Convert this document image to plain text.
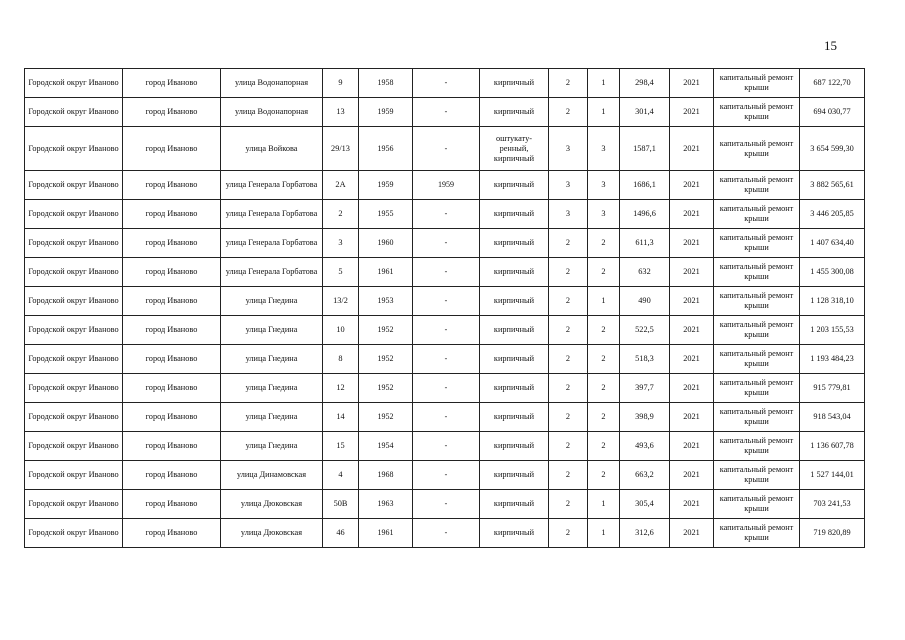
15
Городской округ Иваново	город Иваново	улица Водонапорная	9	1958	-	кирпичный	2	1	298,4	2021	капитальный ремонт крыши	687 122,70
Городской округ Иваново	город Иваново	улица Водонапорная	13	1959	-	кирпичный	2	1	301,4	2021	капитальный ремонт крыши	694 030,77
Городской округ Иваново	город Иваново	улица Войкова	29/13	1956	-	оштукату-ренный, кирпичный	3	3	1587,1	2021	капитальный ремонт крыши	3 654 599,30
Городской округ Иваново	город Иваново	улица Генерала Горбатова	2А	1959	1959	кирпичный	3	3	1686,1	2021	капитальный ремонт крыши	3 882 565,61
Городской округ Иваново	город Иваново	улица Генерала Горбатова	2	1955	-	кирпичный	3	3	1496,6	2021	капитальный ремонт крыши	3 446 205,85
Городской округ Иваново	город Иваново	улица Генерала Горбатова	3	1960	-	кирпичный	2	2	611,3	2021	капитальный ремонт крыши	1 407 634,40
Городской округ Иваново	город Иваново	улица Генерала Горбатова	5	1961	-	кирпичный	2	2	632	2021	капитальный ремонт крыши	1 455 300,08
Городской округ Иваново	город Иваново	улица Гнедина	13/2	1953	-	кирпичный	2	1	490	2021	капитальный ремонт крыши	1 128 318,10
Городской округ Иваново	город Иваново	улица Гнедина	10	1952	-	кирпичный	2	2	522,5	2021	капитальный ремонт крыши	1 203 155,53
Городской округ Иваново	город Иваново	улица Гнедина	8	1952	-	кирпичный	2	2	518,3	2021	капитальный ремонт крыши	1 193 484,23
Городской округ Иваново	город Иваново	улица Гнедина	12	1952	-	кирпичный	2	2	397,7	2021	капитальный ремонт крыши	915 779,81
Городской округ Иваново	город Иваново	улица Гнедина	14	1952	-	кирпичный	2	2	398,9	2021	капитальный ремонт крыши	918 543,04
Городской округ Иваново	город Иваново	улица Гнедина	15	1954	-	кирпичный	2	2	493,6	2021	капитальный ремонт крыши	1 136 607,78
Городской округ Иваново	город Иваново	улица Динамовская	4	1968	-	кирпичный	2	2	663,2	2021	капитальный ремонт крыши	1 527 144,01
Городской округ Иваново	город Иваново	улица Дюковская	50В	1963	-	кирпичный	2	1	305,4	2021	капитальный ремонт крыши	703 241,53
Городской округ Иваново	город Иваново	улица Дюковская	46	1961	-	кирпичный	2	1	312,6	2021	капитальный ремонт крыши	719 820,89
